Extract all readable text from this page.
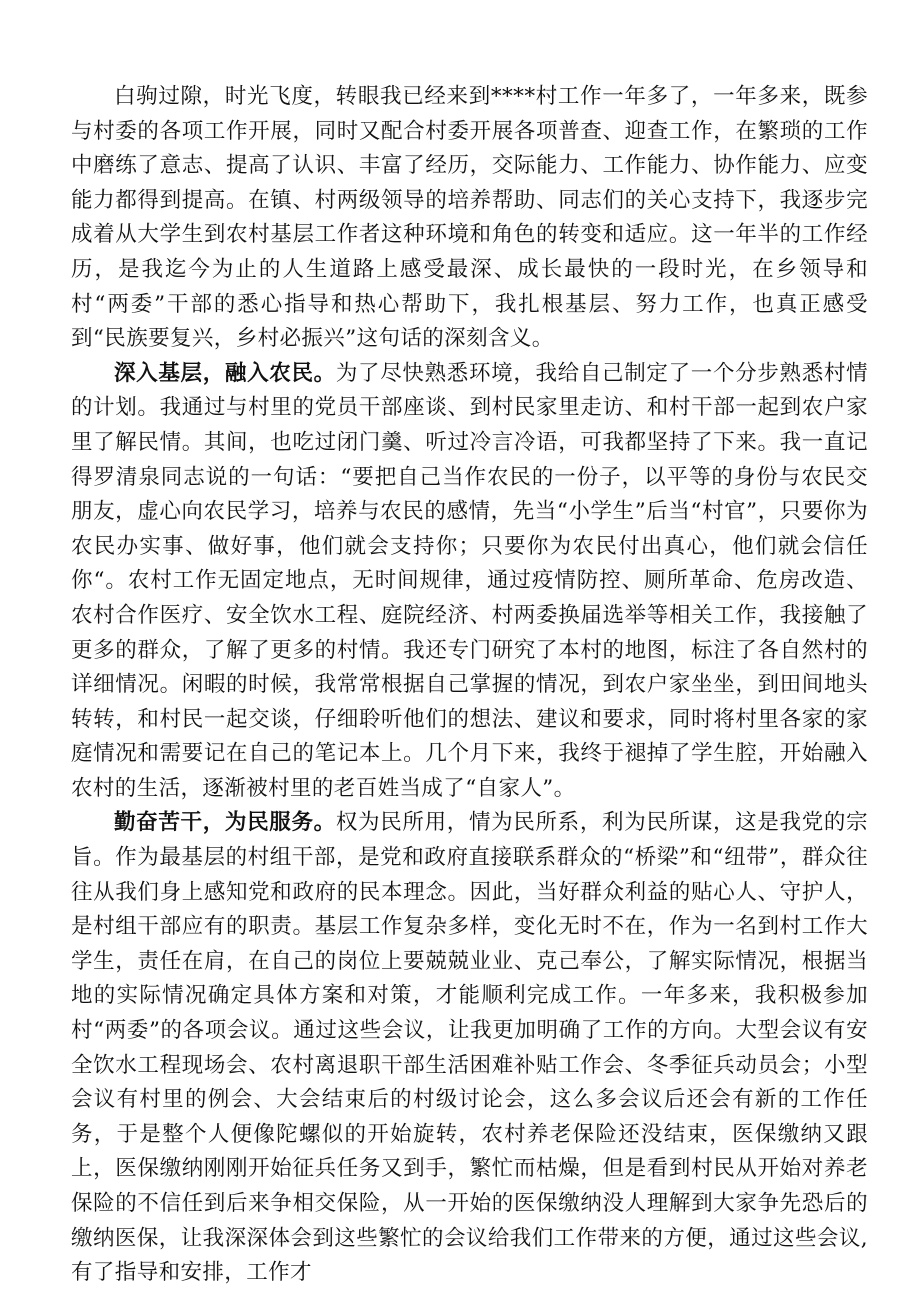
白驹过隙，时光飞度，转眼我已经来到****村工作一年多了，一年多来，既参与村委的各项工作开展，同时又配合村委开展各项普查、迎查工作，在繁琐的工作中磨练了意志、提高了认识、丰富了经历，交际能力、工作能力、协作能力、应变能力都得到提高。在镇、村两级领导的培养帮助、同志们的关心支持下，我逐步完成着从大学生到农村基层工作者这种环境和角色的转变和适应。这一年半的工作经历，是我迄今为止的人生道路上感受最深、成长最快的一段时光，在乡领导和村“两委”干部的悉心指导和热心帮助下，我扎根基层、努力工作，也真正感受到“民族要复兴，乡村必振兴”这句话的深刻含义。

深入基层，融入农民。为了尽快熟悉环境，我给自己制定了一个分步熟悉村情的计划。我通过与村里的党员干部座谈、到村民家里走访、和村干部一起到农户家里了解民情。其间，也吃过闭门羹、听过冷言冷语，可我都坚持了下来。我一直记得罗清泉同志说的一句话：“要把自己当作农民的一份子，以平等的身份与农民交朋友，虚心向农民学习，培养与农民的感情，先当“小学生”后当“村官”，只要你为农民办实事、做好事，他们就会支持你；只要你为农民付出真心，他们就会信任你“。农村工作无固定地点，无时间规律，通过疫情防控、厕所革命、危房改造、农村合作医疗、安全饮水工程、庭院经济、村两委换届选举等相关工作，我接触了更多的群众，了解了更多的村情。我还专门研究了本村的地图，标注了各自然村的详细情况。闲暇的时候，我常常根据自己掌握的情况，到农户家坐坐，到田间地头转转，和村民一起交谈，仔细聆听他们的想法、建议和要求，同时将村里各家的家庭情况和需要记在自己的笔记本上。几个月下来，我终于褪掉了学生腔，开始融入农村的生活，逐渐被村里的老百姓当成了“自家人”。

勤奋苦干，为民服务。权为民所用，情为民所系，利为民所谋，这是我党的宗旨。作为最基层的村组干部，是党和政府直接联系群众的“桥梁”和“纽带”，群众往往从我们身上感知党和政府的民本理念。因此，当好群众利益的贴心人、守护人，是村组干部应有的职责。基层工作复杂多样，变化无时不在，作为一名到村工作大学生，责任在肩，在自己的岗位上要兢兢业业、克己奉公，了解实际情况，根据当地的实际情况确定具体方案和对策，才能顺利完成工作。一年多来，我积极参加村“两委”的各项会议。通过这些会议，让我更加明确了工作的方向。大型会议有安全饮水工程现场会、农村离退职干部生活困难补贴工作会、冬季征兵动员会；小型会议有村里的例会、大会结束后的村级讨论会，这么多会议后还会有新的工作任务，于是整个人便像陀螺似的开始旋转，农村养老保险还没结束，医保缴纳又跟上，医保缴纳刚刚开始征兵任务又到手，繁忙而枯燥，但是看到村民从开始对养老保险的不信任到后来争相交保险，从一开始的医保缴纳没人理解到大家争先恐后的缴纳医保，让我深深体会到这些繁忙的会议给我们工作带来的方便，通过这些会议,有了指导和安排，工作才
